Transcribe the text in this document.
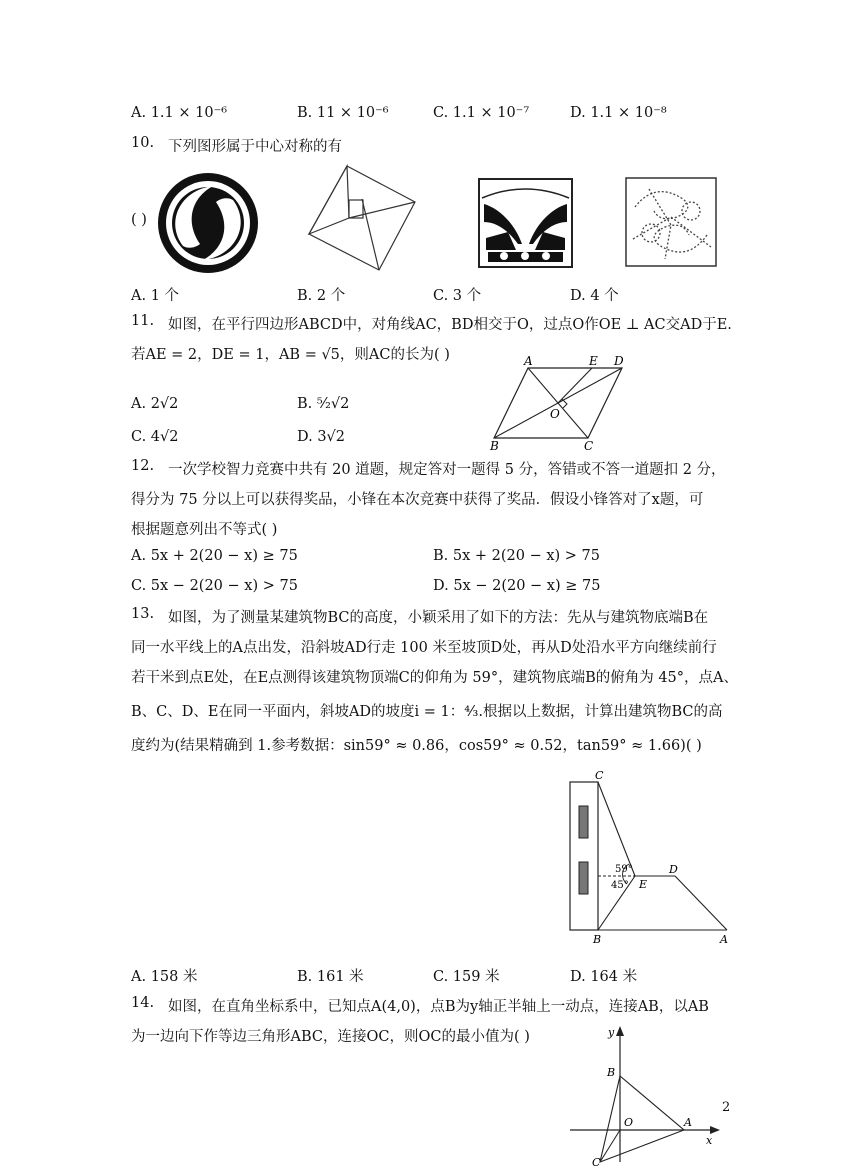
A. 1.1 × 10⁻⁶	B. 11 × 10⁻⁶	C. 1.1 × 10⁻⁷	D. 1.1 × 10⁻⁸
10. 下列图形属于中心对称的有
( )
A. 1 个	B. 2 个	C. 3 个	D. 4 个
11. 如图，在平行四边形ABCD中，对角线AC，BD相交于O，过点O作OE ⊥ AC交AD于E.
若AE = 2，DE = 1，AB = √5，则AC的长为( )
A. 2√2	B. ⁵⁄₂√2
C. 4√2	D. 3√2
A	E D
O
B	C
12. 一次学校智力竞赛中共有 20 道题，规定答对一题得 5 分，答错或不答一道题扣 2 分，
得分为 75 分以上可以获得奖品，小锋在本次竞赛中获得了奖品．假设小锋答对了x题，可
根据题意列出不等式( )
A. 5x + 2(20 − x) ≥ 75	B. 5x + 2(20 − x) > 75
C. 5x − 2(20 − x) > 75	D. 5x − 2(20 − x) ≥ 75
13. 如图，为了测量某建筑物BC的高度，小颖采用了如下的方法：先从与建筑物底端B在
同一水平线上的A点出发，沿斜坡AD行走 100 米至坡顶D处，再从D处沿水平方向继续前行
若干米到点E处，在E点测得该建筑物顶端C的仰角为 59°，建筑物底端B的俯角为 45°，点A、
B、C、D、E在同一平面内，斜坡AD的坡度i = 1：⁴⁄₃.根据以上数据，计算出建筑物BC的高
度约为(结果精确到 1.参考数据：sin59° ≈ 0.86，cos59° ≈ 0.52，tan59° ≈ 1.66)( )
C
D
E
B	A
59°
45°
A. 158 米	B. 161 米	C. 159 米	D. 164 米
14. 如图，在直角坐标系中，已知点A(4,0)，点B为y轴正半轴上一动点，连接AB，以AB
为一边向下作等边三角形ABC，连接OC，则OC的最小值为( )	y
x
B
O	A
C
2
